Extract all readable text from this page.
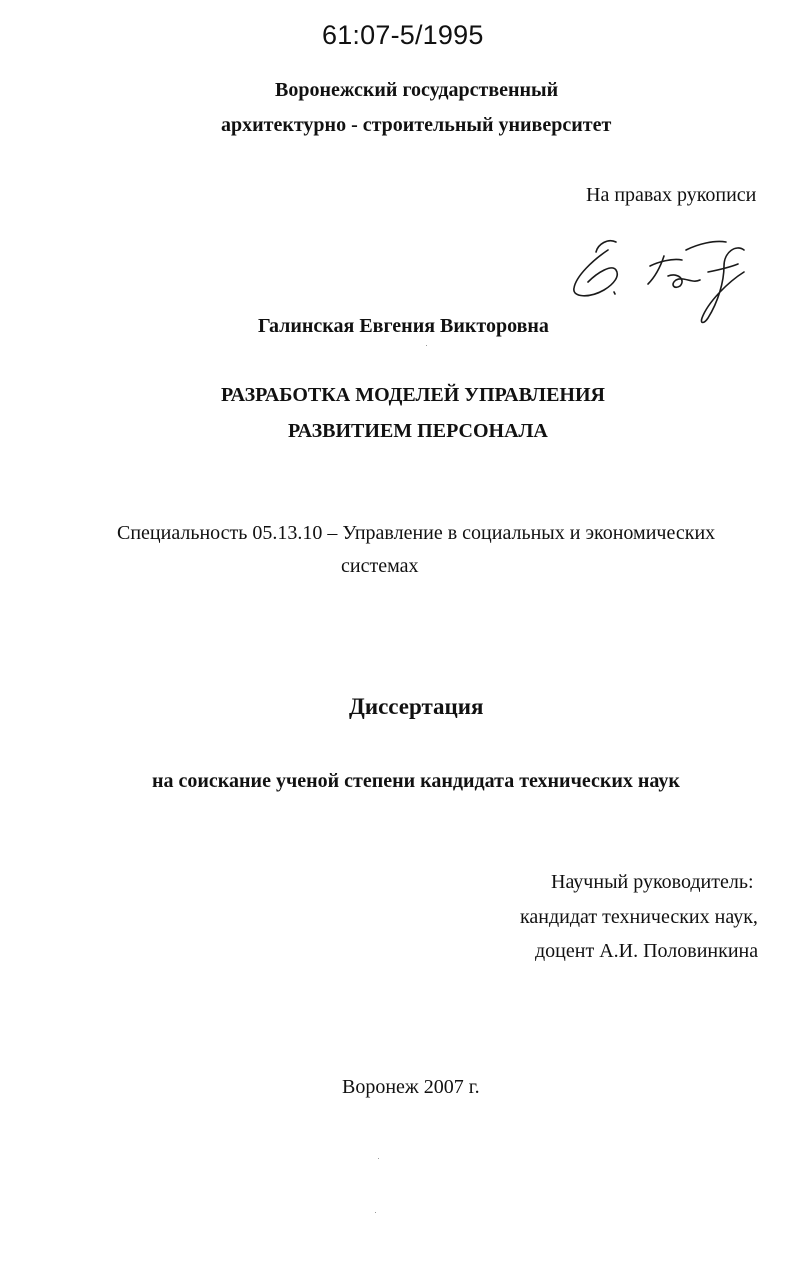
61:07-5/1995
Воронежский государственный
архитектурно - строительный университет
На правах рукописи
Галинская Евгения Викторовна
РАЗРАБОТКА МОДЕЛЕЙ УПРАВЛЕНИЯ
РАЗВИТИЕМ ПЕРСОНАЛА
Специальность 05.13.10 – Управление в социальных и экономических
системах
Диссертация
на соискание ученой степени кандидата технических наук
Научный руководитель:
кандидат технических наук,
доцент А.И. Половинкина
Воронеж 2007 г.
